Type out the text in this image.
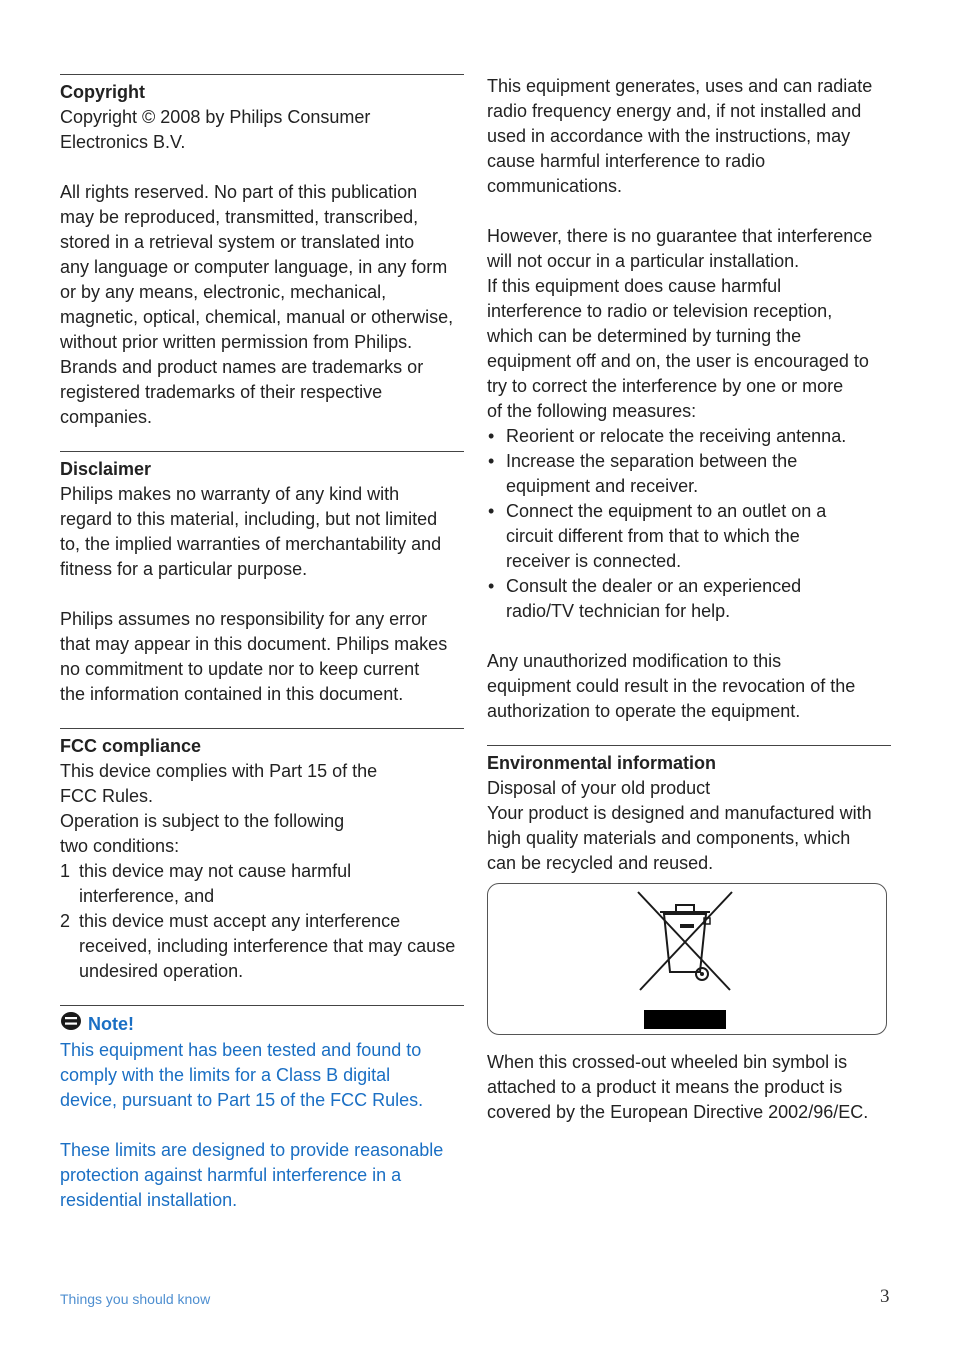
Copyright
Copyright © 2008 by Philips Consumer
Electronics B.V.
All rights reserved. No part of this publication
may be reproduced, transmitted, transcribed,
stored in a retrieval system or translated into
any language or computer language, in any form
or by any means, electronic, mechanical,
magnetic, optical, chemical, manual or otherwise,
without prior written permission from Philips.
Brands and product names are trademarks or
registered trademarks of their respective
companies.
Disclaimer
Philips makes no warranty of any kind with
regard to this material, including, but not limited
to, the implied warranties of merchantability and
fitness for a particular purpose.
Philips assumes no responsibility for any error
that may appear in this document. Philips makes
no commitment to update nor to keep current
the information contained in this document.
FCC compliance
This device complies with Part 15 of the
FCC Rules.
Operation is subject to the following
two conditions:
1 this device may not cause harmful
interference, and
2 this device must accept any interference
received, including interference that may cause
undesired operation.
Note!
This equipment has been tested and found to
comply with the limits for a Class B digital
device, pursuant to Part 15 of the FCC Rules.
These limits are designed to provide reasonable
protection against harmful interference in a
residential installation.
This equipment generates, uses and can radiate
radio frequency energy and, if not installed and
used in accordance with the instructions, may
cause harmful interference to radio
communications.
However, there is no guarantee that interference
will not occur in a particular installation.
If this equipment does cause harmful
interference to radio or television reception,
which can be determined by turning the
equipment off and on, the user is encouraged to
try to correct the interference by one or more
of the following measures:
• Reorient or relocate the receiving antenna.
• Increase the separation between the
equipment and receiver.
• Connect the equipment to an outlet on a
circuit different from that to which the
receiver is connected.
• Consult the dealer or an experienced
radio/TV technician for help.
Any unauthorized modification to this
equipment could result in the revocation of the
authorization to operate the equipment.
Environmental information
Disposal of your old product
Your product is designed and manufactured with
high quality materials and components, which
can be recycled and reused.
When this crossed-out wheeled bin symbol is
attached to a product it means the product is
covered by the European Directive 2002/96/EC.
Things you should know	3
